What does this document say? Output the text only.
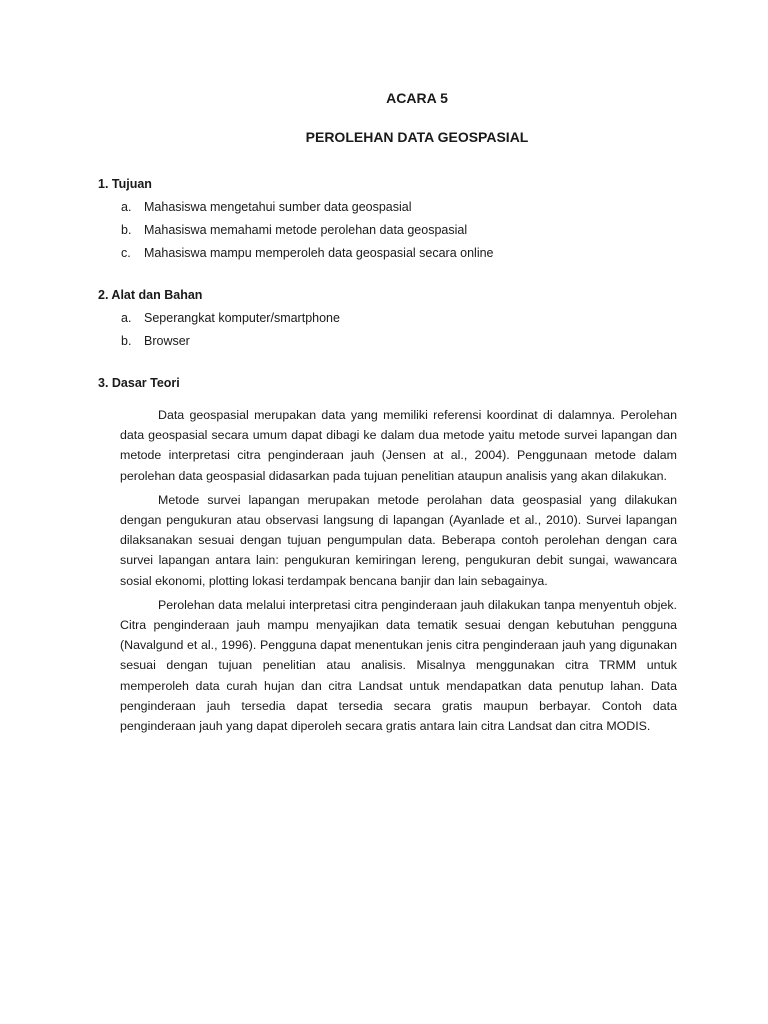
ACARA 5
PEROLEHAN DATA GEOSPASIAL

1. Tujuan

a. Mahasiswa mengetahui sumber data geospasial
b. Mahasiswa memahami metode perolehan data geospasial
c. Mahasiswa mampu memperoleh data geospasial secara online

2. Alat dan Bahan

a. Seperangkat komputer/smartphone
b. Browser

3. Dasar Teori

Data geospasial merupakan data yang memiliki referensi koordinat di dalamnya. Perolehan data geospasial secara umum dapat dibagi ke dalam dua metode yaitu metode survei lapangan dan metode interpretasi citra penginderaan jauh (Jensen at al., 2004). Penggunaan metode dalam perolehan data geospasial didasarkan pada tujuan penelitian ataupun analisis yang akan dilakukan.

Metode survei lapangan merupakan metode perolahan data geospasial yang dilakukan dengan pengukuran atau observasi langsung di lapangan (Ayanlade et al., 2010). Survei lapangan dilaksanakan sesuai dengan tujuan pengumpulan data. Beberapa contoh perolehan dengan cara survei lapangan antara lain: pengukuran kemiringan lereng, pengukuran debit sungai, wawancara sosial ekonomi, plotting lokasi terdampak bencana banjir dan lain sebagainya.

Perolehan data melalui interpretasi citra penginderaan jauh dilakukan tanpa menyentuh objek. Citra penginderaan jauh mampu menyajikan data tematik sesuai dengan kebutuhan pengguna (Navalgund et al., 1996). Pengguna dapat menentukan jenis citra penginderaan jauh yang digunakan sesuai dengan tujuan penelitian atau analisis. Misalnya menggunakan citra TRMM untuk memperoleh data curah hujan dan citra Landsat untuk mendapatkan data penutup lahan. Data penginderaan jauh tersedia dapat tersedia secara gratis maupun berbayar. Contoh data penginderaan jauh yang dapat diperoleh secara gratis antara lain citra Landsat dan citra MODIS.
